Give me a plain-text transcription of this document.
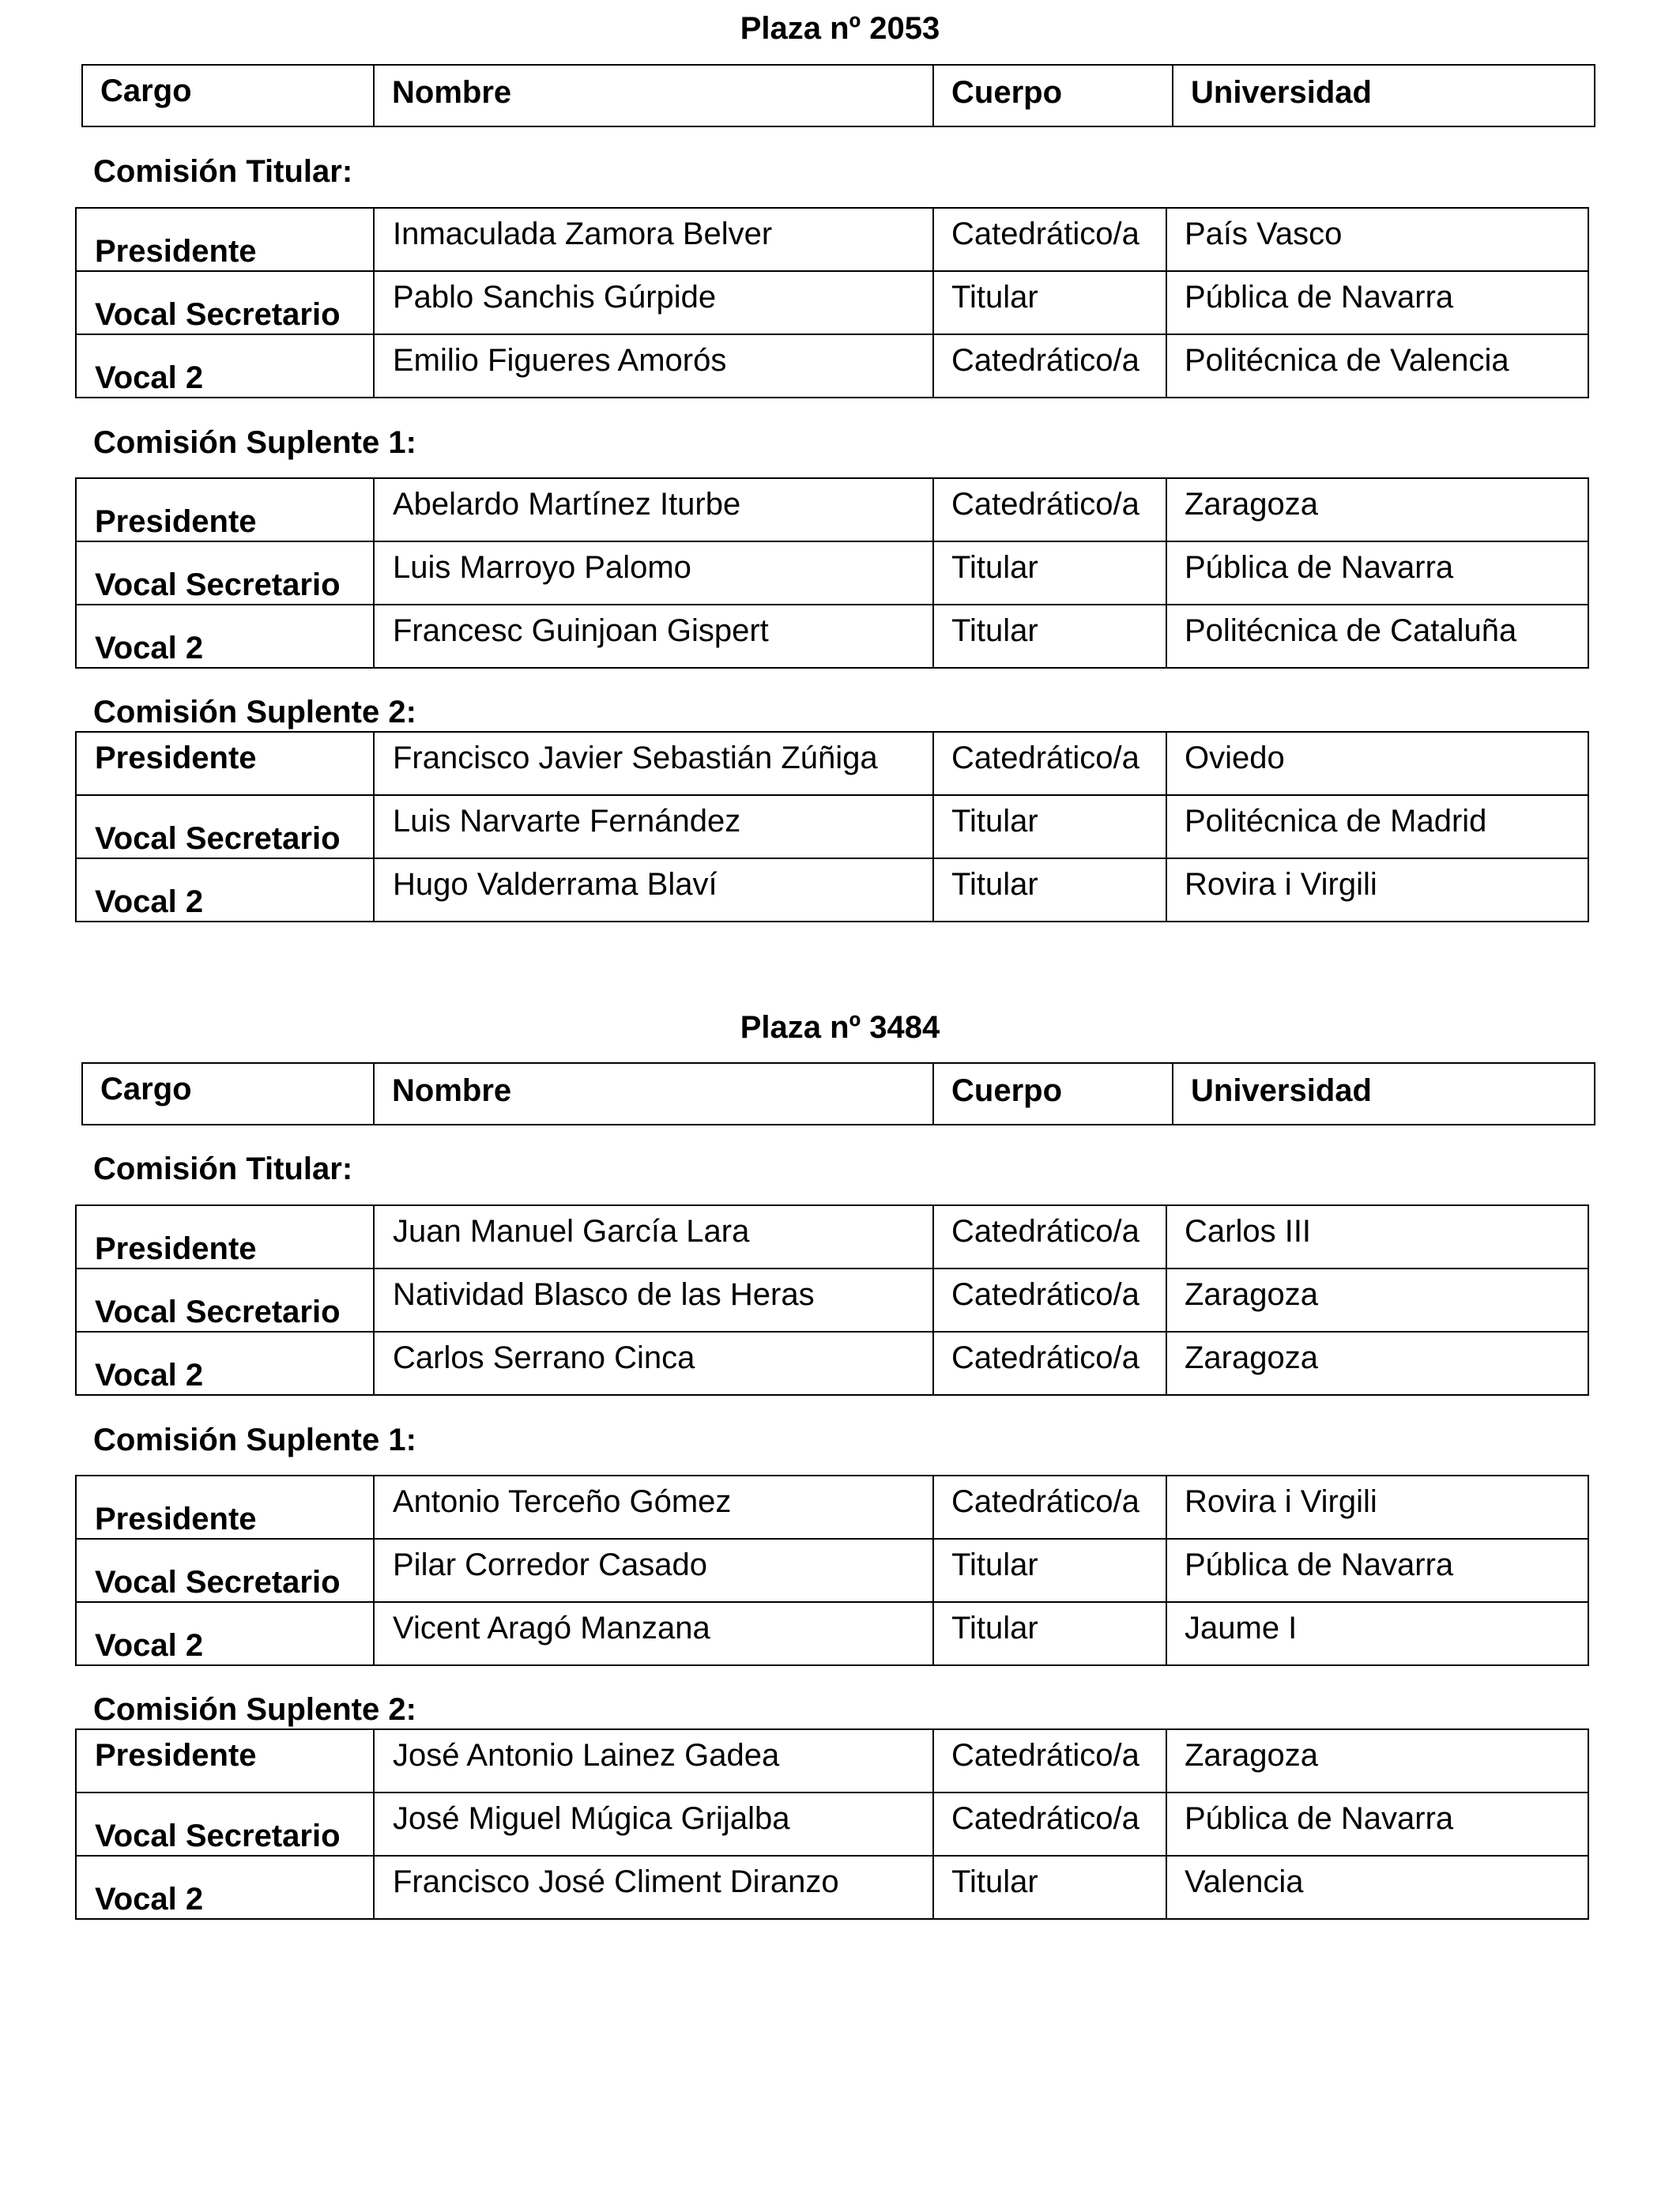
Plaza nº 2053
Cargo	Nombre	Cuerpo	Universidad
Comisión Titular:
Presidente	Inmaculada Zamora Belver	Catedrático/a	País Vasco
Vocal Secretario	Pablo Sanchis Gúrpide	Titular	Pública de Navarra
Vocal 2	Emilio Figueres Amorós	Catedrático/a	Politécnica de Valencia
Comisión Suplente 1:
Presidente	Abelardo Martínez Iturbe	Catedrático/a	Zaragoza
Vocal Secretario	Luis Marroyo Palomo	Titular	Pública de Navarra
Vocal 2	Francesc Guinjoan Gispert	Titular	Politécnica de Cataluña
Comisión Suplente 2:
Presidente	Francisco Javier Sebastián Zúñiga	Catedrático/a	Oviedo
Vocal Secretario	Luis Narvarte Fernández	Titular	Politécnica de Madrid
Vocal 2	Hugo Valderrama Blaví	Titular	Rovira i Virgili
Plaza nº 3484
Cargo	Nombre	Cuerpo	Universidad
Comisión Titular:
Presidente	Juan Manuel García Lara	Catedrático/a	Carlos III
Vocal Secretario	Natividad Blasco de las Heras	Catedrático/a	Zaragoza
Vocal 2	Carlos Serrano Cinca	Catedrático/a	Zaragoza
Comisión Suplente 1:
Presidente	Antonio Terceño Gómez	Catedrático/a	Rovira i Virgili
Vocal Secretario	Pilar Corredor Casado	Titular	Pública de Navarra
Vocal 2	Vicent Aragó Manzana	Titular	Jaume I
Comisión Suplente 2:
Presidente	José Antonio Lainez Gadea	Catedrático/a	Zaragoza
Vocal Secretario	José Miguel Múgica Grijalba	Catedrático/a	Pública de Navarra
Vocal 2	Francisco José Climent Diranzo	Titular	Valencia
